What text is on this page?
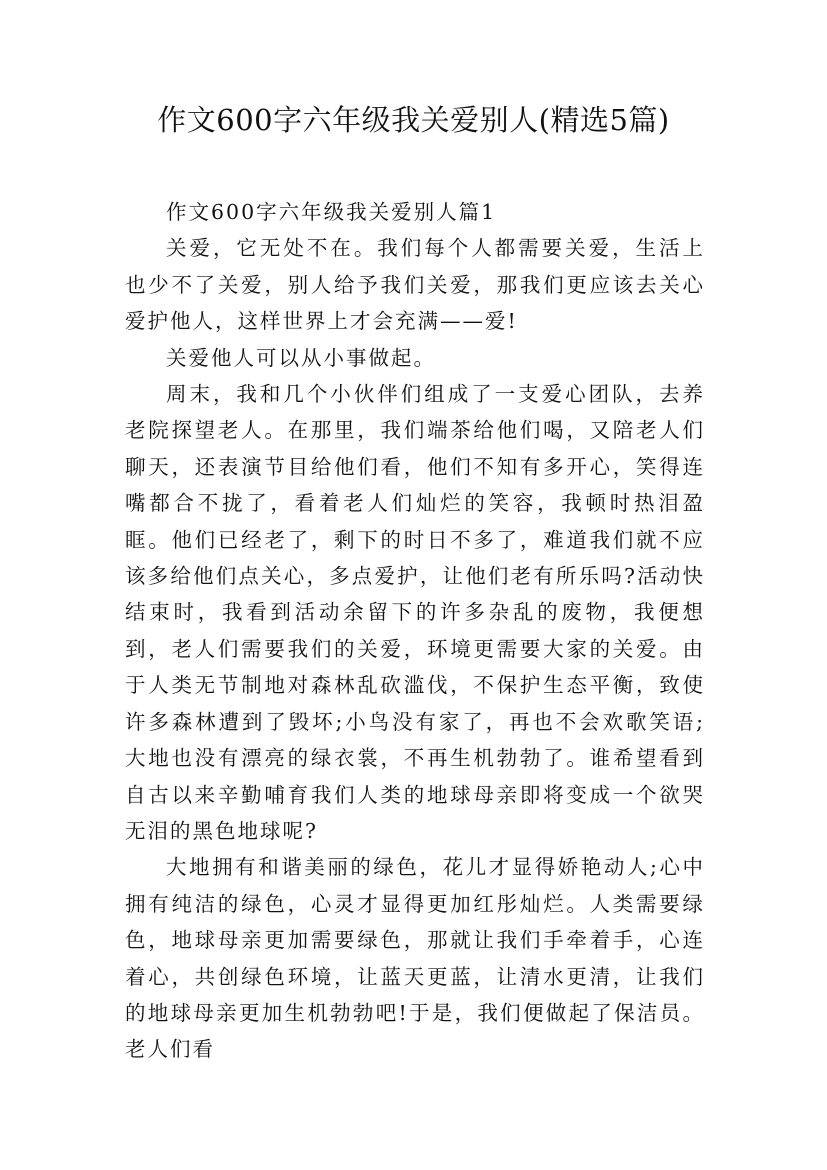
作文600字六年级我关爱别人(精选5篇)

作文600字六年级我关爱别人篇1

关爱，它无处不在。我们每个人都需要关爱，生活上也少不了关爱，别人给予我们关爱，那我们更应该去关心爱护他人，这样世界上才会充满——爱!

关爱他人可以从小事做起。

周末，我和几个小伙伴们组成了一支爱心团队，去养老院探望老人。在那里，我们端茶给他们喝，又陪老人们聊天，还表演节目给他们看，他们不知有多开心，笑得连嘴都合不拢了，看着老人们灿烂的笑容，我顿时热泪盈眶。他们已经老了，剩下的时日不多了，难道我们就不应该多给他们点关心，多点爱护，让他们老有所乐吗?活动快结束时，我看到活动余留下的许多杂乱的废物，我便想到，老人们需要我们的关爱，环境更需要大家的关爱。由于人类无节制地对森林乱砍滥伐，不保护生态平衡，致使许多森林遭到了毁坏;小鸟没有家了，再也不会欢歌笑语;大地也没有漂亮的绿衣裳，不再生机勃勃了。谁希望看到自古以来辛勤哺育我们人类的地球母亲即将变成一个欲哭无泪的黑色地球呢?

大地拥有和谐美丽的绿色，花儿才显得娇艳动人;心中拥有纯洁的绿色，心灵才显得更加红彤灿烂。人类需要绿色，地球母亲更加需要绿色，那就让我们手牵着手，心连着心，共创绿色环境，让蓝天更蓝，让清水更清，让我们的地球母亲更加生机勃勃吧!于是，我们便做起了保洁员。老人们看
